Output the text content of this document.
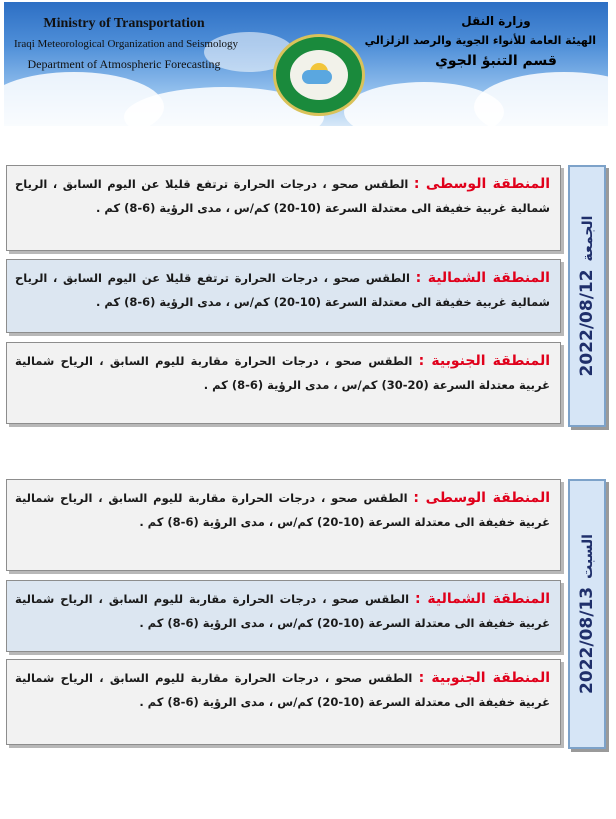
Ministry of Transportation
Iraqi Meteorological Organization and Seismology
Department of Atmospheric Forecasting
وزارة النقل
الهيئة العامة للأنواء الجوية والرصد الزلزالي
قسم التنبؤ الجوي
المنطقة الوسطى : الطقس صحو ، درجات الحرارة ترتفع قليلا عن اليوم السابق ، الرياح شمالية غربية خفيفة الى معتدلة السرعة (10-20) كم/س ، مدى الرؤية (6-8) كم .
المنطقة الشمالية : الطقس صحو ، درجات الحرارة ترتفع قليلا عن اليوم السابق ، الرياح شمالية غربية خفيفة الى معتدلة السرعة (10-20) كم/س ، مدى الرؤية (6-8) كم .
المنطقة الجنوبية : الطقس صحو ، درجات الحرارة مقاربة لليوم السابق ، الرياح شمالية غربية معتدلة السرعة (20-30) كم/س ، مدى الرؤية (6-8) كم .
2022/08/12الجمعة
المنطقة الوسطى : الطقس صحو ، درجات الحرارة مقاربة لليوم السابق ، الرياح شمالية غربية خفيفة الى معتدلة السرعة (10-20) كم/س ، مدى الرؤية (6-8) كم .
المنطقة الشمالية : الطقس صحو ، درجات الحرارة مقاربة لليوم السابق ، الرياح شمالية غربية خفيفة الى معتدلة السرعة (10-20) كم/س ، مدى الرؤية (6-8) كم .
المنطقة الجنوبية : الطقس صحو ، درجات الحرارة مقاربة لليوم السابق ، الرياح شمالية غربية خفيفة الى معتدلة السرعة (10-20) كم/س ، مدى الرؤية (6-8) كم .
2022/08/13السبت
